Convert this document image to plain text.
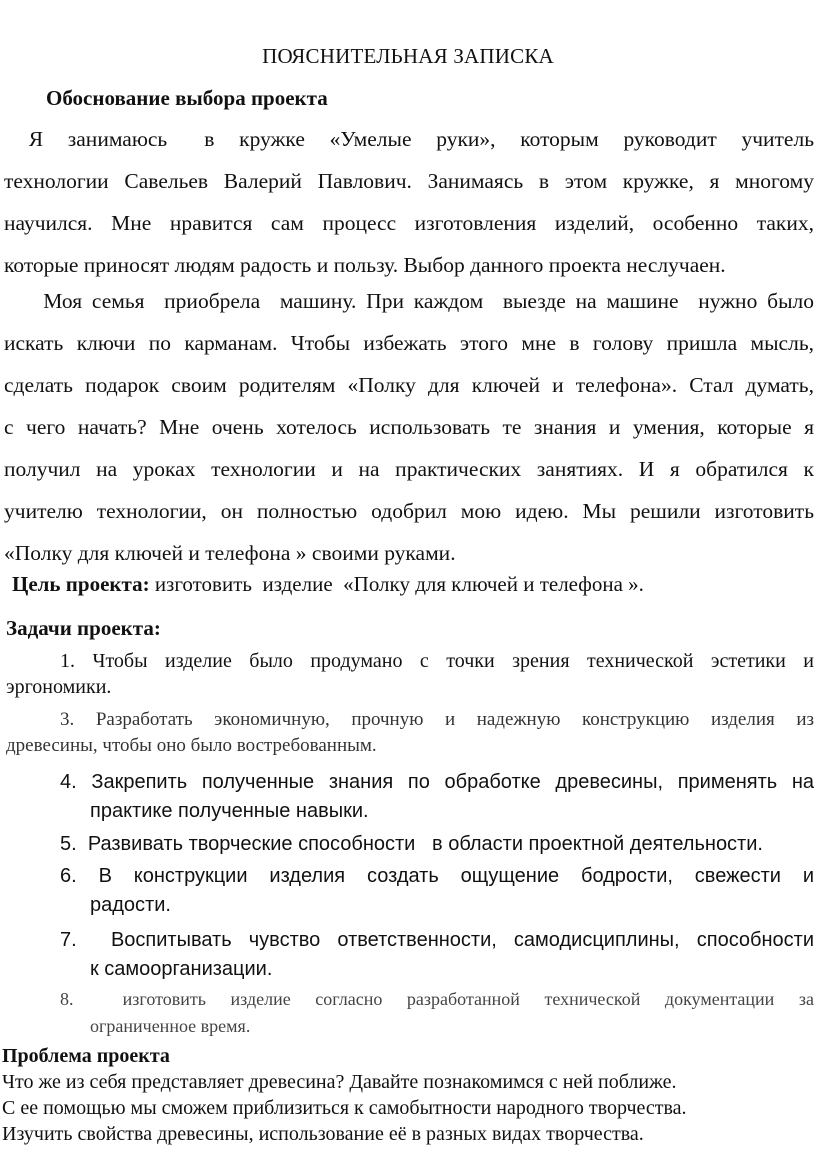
ПОЯСНИТЕЛЬНАЯ ЗАПИСКА
Обоснование выбора проекта
Я  занимаюсь   в  кружке  «Умелые  руки»,  которым  руководит  учитель
технологии Савельев Валерий Павлович. Занимаясь в этом кружке, я многому
научился. Мне нравится сам процесс изготовления изделий, особенно таких,
которые приносят людям радость и пользу. Выбор данного проекта неслучаен.
Моя семья  приобрела  машину. При каждом  выезде на машине  нужно было
искать ключи по карманам. Чтобы избежать этого мне в голову пришла мысль,
сделать подарок своим родителям «Полку для ключей и телефона». Стал думать,
с чего начать? Мне очень хотелось использовать те знания и умения, которые я
получил на уроках технологии и на практических занятиях. И я обратился к
учителю технологии, он полностью одобрил мою идею. Мы решили изготовить
«Полку для ключей и телефона » своими руками.
Цель проекта: изготовить  изделие  «Полку для ключей и телефона ».
Задачи проекта:
1. Чтобы изделие было продумано с точки зрения технической эстетики и
эргономики.
3. Разработать экономичную, прочную и надежную конструкцию изделия из
древесины, чтобы оно было востребованным.
4. Закрепить полученные знания по обработке древесины, применять на
практике полученные навыки.
5. Развивать творческие способности   в области проектной деятельности.
6. В  конструкции  изделия  создать  ощущение  бодрости,  свежести  и
радости.
7. Воспитывать чувство ответственности, самодисциплины, способности
к самоорганизации.
8.	изготовить изделие согласно разработанной технической документации за
ограниченное время.
Проблема проекта
Что же из себя представляет древесина? Давайте познакомимся с ней поближе.
С ее помощью мы сможем приблизиться к самобытности народного творчества.
Изучить свойства древесины, использование её в разных видах творчества.
